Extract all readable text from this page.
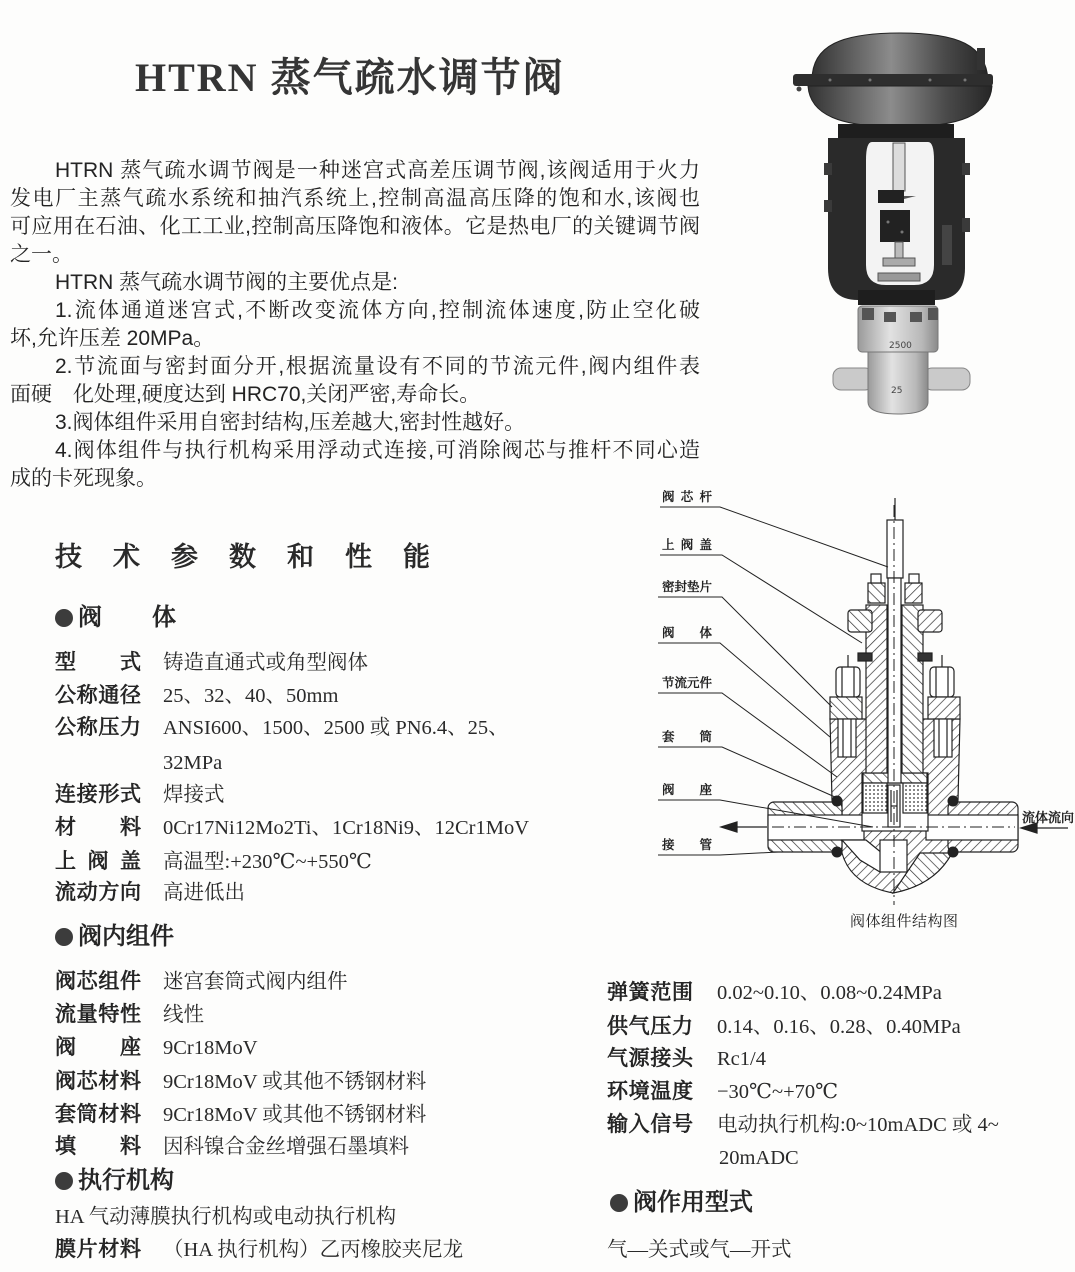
HTRN 蒸气疏水调节阀
HTRN 蒸气疏水调节阀是一种迷宫式高差压调节阀,该阀适用于火力
发电厂主蒸气疏水系统和抽汽系统上,控制高温高压降的饱和水,该阀也
可应用在石油、化工工业,控制高压降饱和液体。它是热电厂的关键调节阀
之一。
HTRN 蒸气疏水调节阀的主要优点是:
1.流体通道迷宫式,不断改变流体方向,控制流体速度,防止空化破
坏,允许压差 20MPa。
2.节流面与密封面分开,根据流量设有不同的节流元件,阀内组件表
面硬　化处理,硬度达到 HRC70,关闭严密,寿命长。
3.阀体组件采用自密封结构,压差越大,密封性越好。
4.阀体组件与执行机构采用浮动式连接,可消除阀芯与推杆不同心造
成的卡死现象。
技术参数和性能
阀 体
型 式 铸造直通式或角型阀体
公称通径 25、32、40、50mm
公称压力 ANSI600、1500、2500 或 PN6.4、25、
32MPa
连接形式 焊接式
材 料 0Cr17Ni12Mo2Ti、1Cr18Ni9、12Cr1MoV
上 阀 盖 高温型:+230℃~+550℃
流动方向 高进低出
阀内组件
阀芯组件 迷宫套筒式阀内组件
流量特性 线性
阀 座 9Cr18MoV
阀芯材料 9Cr18MoV 或其他不锈钢材料
套筒材料 9Cr18MoV 或其他不锈钢材料
填 料 因科镍合金丝增强石墨填料
执行机构
HA 气动薄膜执行机构或电动执行机构
膜片材料 （HA 执行机构）乙丙橡胶夹尼龙
弹簧范围 0.02~0.10、0.08~0.24MPa
供气压力 0.14、0.16、0.28、0.40MPa
气源接头 Rc1/4
环境温度 −30℃~+70℃
输入信号 电动执行机构:0~10mADC 或 4~
20mADC
阀作用型式
气—关式或气—开式
2500
25
阀 芯 杆
上 阀 盖
密封垫片
阀 体
节流元件
套 筒
阀 座
接 管
流体流向
阀体组件结构图
